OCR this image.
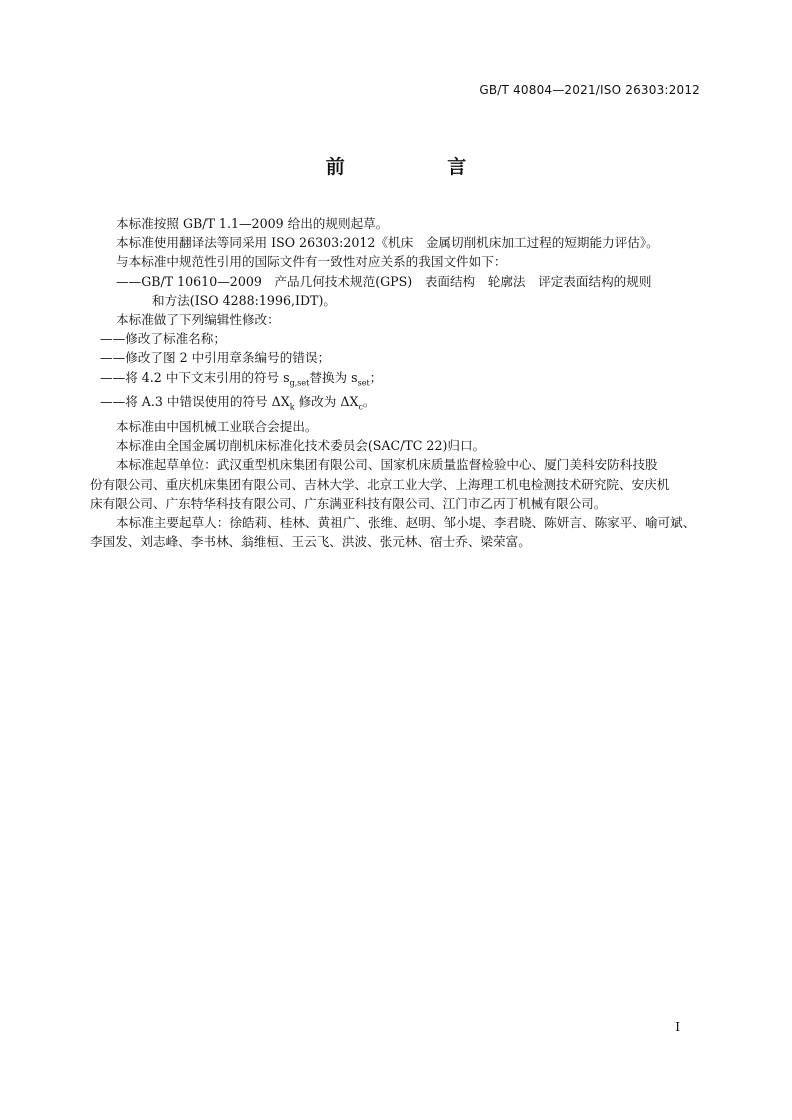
GB/T 40804—2021/ISO 26303:2012
前 言

本标准按照 GB/T 1.1—2009 给出的规则起草。

本标准使用翻译法等同采用 ISO 26303:2012《机床　金属切削机床加工过程的短期能力评估》。

与本标准中规范性引用的国际文件有一致性对应关系的我国文件如下：

——GB/T 10610—2009　产品几何技术规范(GPS)　表面结构　轮廓法　评定表面结构的规则

和方法(ISO 4288:1996,IDT)。

本标准做了下列编辑性修改：

——修改了标准名称；

——修改了图 2 中引用章条编号的错误；

——将 4.2 中下文末引用的符号 $s_{g,set}$替换为 $s_{set}$；

——将 A.3 中错误使用的符号 $\Delta X_k$ 修改为 $\Delta X_c$。

本标准由中国机械工业联合会提出。

本标准由全国金属切削机床标准化技术委员会(SAC/TC 22)归口。

本标准起草单位：武汉重型机床集团有限公司、国家机床质量监督检验中心、厦门美科安防科技股

份有限公司、重庆机床集团有限公司、吉林大学、北京工业大学、上海理工机电检测技术研究院、安庆机

床有限公司、广东特华科技有限公司、广东满亚科技有限公司、江门市乙丙丁机械有限公司。

本标准主要起草人：徐皓莉、桂林、黄祖广、张维、赵明、邹小堤、李君晓、陈妍言、陈家平、喻可斌、

李国发、刘志峰、李书林、翁维桓、王云飞、洪波、张元林、宿士乔、梁荣富。

I
